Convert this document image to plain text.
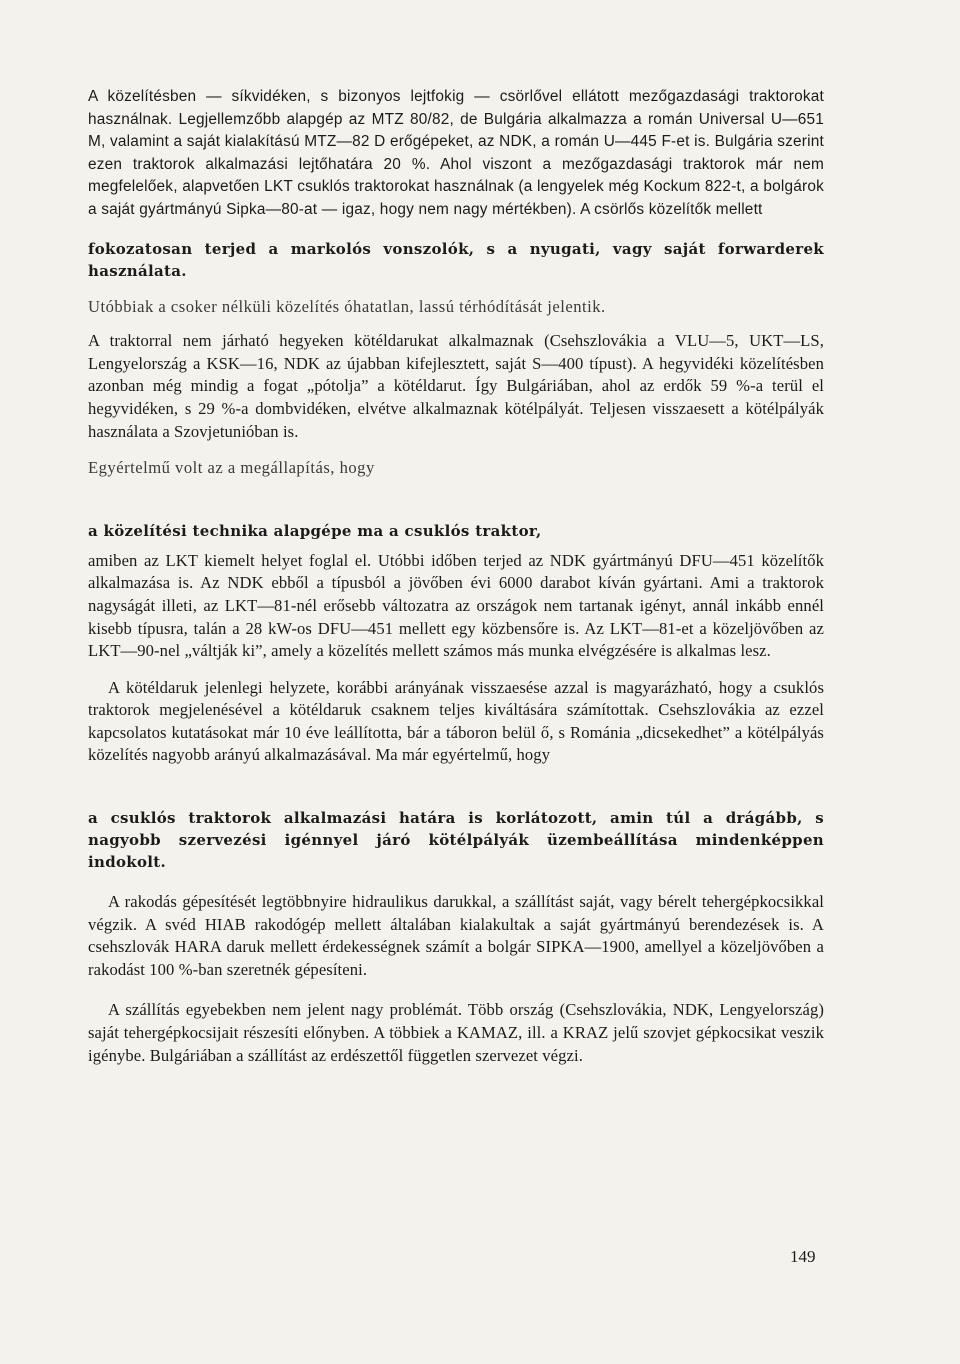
A közelítésben — síkvidéken, s bizonyos lejtfokig — csörlővel ellátott mezőgazdasági traktorokat használnak. Legjellemzőbb alapgép az MTZ 80/82, de Bulgária alkalmazza a román Universal U—651 M, valamint a saját kialakítású MTZ—82 D erőgépeket, az NDK, a román U—445 F-et is. Bulgária szerint ezen traktorok alkalmazási lejtőhatára 20 %. Ahol viszont a mezőgazdasági traktorok már nem megfelelőek, alapvetően LKT csuklós traktorokat használnak (a lengyelek még Kockum 822-t, a bolgárok a saját gyártmányú Sipka—80-at — igaz, hogy nem nagy mértékben). A csörlős közelítők mellett

fokozatosan terjed a markolós vonszolók, s a nyugati, vagy saját forwarderek használata.

Utóbbiak a csoker nélküli közelítés óhatatlan, lassú térhódítását jelentik.

A traktorral nem járható hegyeken kötéldarukat alkalmaznak (Csehszlovákia a VLU—5, UKT—LS, Lengyelország a KSK—16, NDK az újabban kifejlesztett, saját S—400 típust). A hegyvidéki közelítésben azonban még mindig a fogat „pótolja” a kötéldarut. Így Bulgáriában, ahol az erdők 59 %-a terül el hegyvidéken, s 29 %-a dombvidéken, elvétve alkalmaznak kötélpályát. Teljesen visszaesett a kötélpályák használata a Szovjetunióban is.

Egyértelmű volt az a megállapítás, hogy

a közelítési technika alapgépe ma a csuklós traktor,

amiben az LKT kiemelt helyet foglal el. Utóbbi időben terjed az NDK gyártmányú DFU—451 közelítők alkalmazása is. Az NDK ebből a típusból a jövőben évi 6000 darabot kíván gyártani. Ami a traktorok nagyságát illeti, az LKT—81-nél erősebb változatra az országok nem tartanak igényt, annál inkább ennél kisebb típusra, talán a 28 kW-os DFU—451 mellett egy közbensőre is. Az LKT—81-et a közeljövőben az LKT—90-nel „váltják ki”, amely a közelítés mellett számos más munka elvégzésére is alkalmas lesz.

A kötéldaruk jelenlegi helyzete, korábbi arányának visszaesése azzal is magyarázható, hogy a csuklós traktorok megjelenésével a kötéldaruk csaknem teljes kiváltására számítottak. Csehszlovákia az ezzel kapcsolatos kutatásokat már 10 éve leállította, bár a táboron belül ő, s Románia „dicsekedhet” a kötélpályás közelítés nagyobb arányú alkalmazásával. Ma már egyértelmű, hogy

a csuklós traktorok alkalmazási határa is korlátozott, amin túl a drágább, s nagyobb szervezési igénnyel járó kötélpályák üzembeállítása mindenképpen indokolt.

A rakodás gépesítését legtöbbnyire hidraulikus darukkal, a szállítást saját, vagy bérelt tehergépkocsikkal végzik. A svéd HIAB rakodógép mellett általában kialakultak a saját gyártmányú berendezések is. A csehszlovák HARA daruk mellett érdekességnek számít a bolgár SIPKA—1900, amellyel a közeljövőben a rakodást 100 %-ban szeretnék gépesíteni.

A szállítás egyebekben nem jelent nagy problémát. Több ország (Csehszlovákia, NDK, Lengyelország) saját tehergépkocsijait részesíti előnyben. A többiek a KAMAZ, ill. a KRAZ jelű szovjet gépkocsikat veszik igénybe. Bulgáriában a szállítást az erdészettől független szervezet végzi.

149
